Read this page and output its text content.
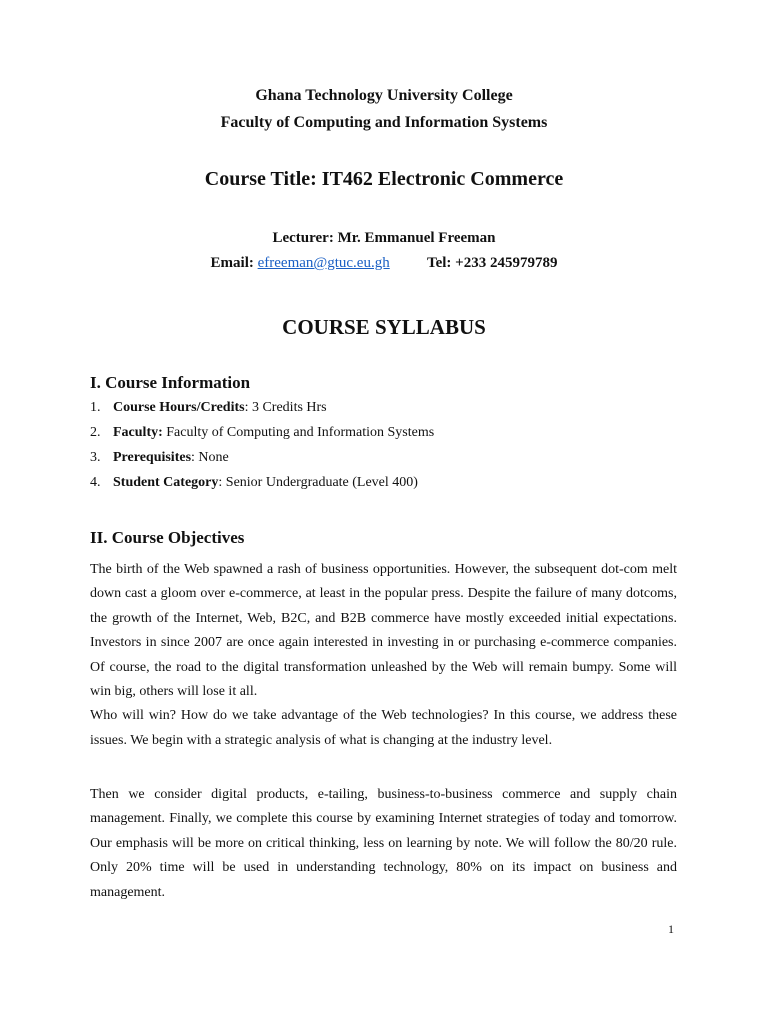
Ghana Technology University College
Faculty of Computing and Information Systems
Course Title: IT462 Electronic Commerce
Lecturer: Mr. Emmanuel Freeman
Email: efreeman@gtuc.eu.gh Tel: +233 245979789
COURSE SYLLABUS
I. Course Information
1. Course Hours/Credits: 3 Credits Hrs
2. Faculty: Faculty of Computing and Information Systems
3. Prerequisites: None
4. Student Category: Senior Undergraduate (Level 400)
II. Course Objectives
The birth of the Web spawned a rash of business opportunities. However, the subsequent dot-com melt down cast a gloom over e-commerce, at least in the popular press. Despite the failure of many dotcoms, the growth of the Internet, Web, B2C, and B2B commerce have mostly exceeded initial expectations. Investors in since 2007 are once again interested in investing in or purchasing e-commerce companies. Of course, the road to the digital transformation unleashed by the Web will remain bumpy. Some will win big, others will lose it all.
Who will win? How do we take advantage of the Web technologies? In this course, we address these issues. We begin with a strategic analysis of what is changing at the industry level.

Then we consider digital products, e-tailing, business-to-business commerce and supply chain management. Finally, we complete this course by examining Internet strategies of today and tomorrow. Our emphasis will be more on critical thinking, less on learning by note. We will follow the 80/20 rule. Only 20% time will be used in understanding technology, 80% on its impact on business and management.

1
